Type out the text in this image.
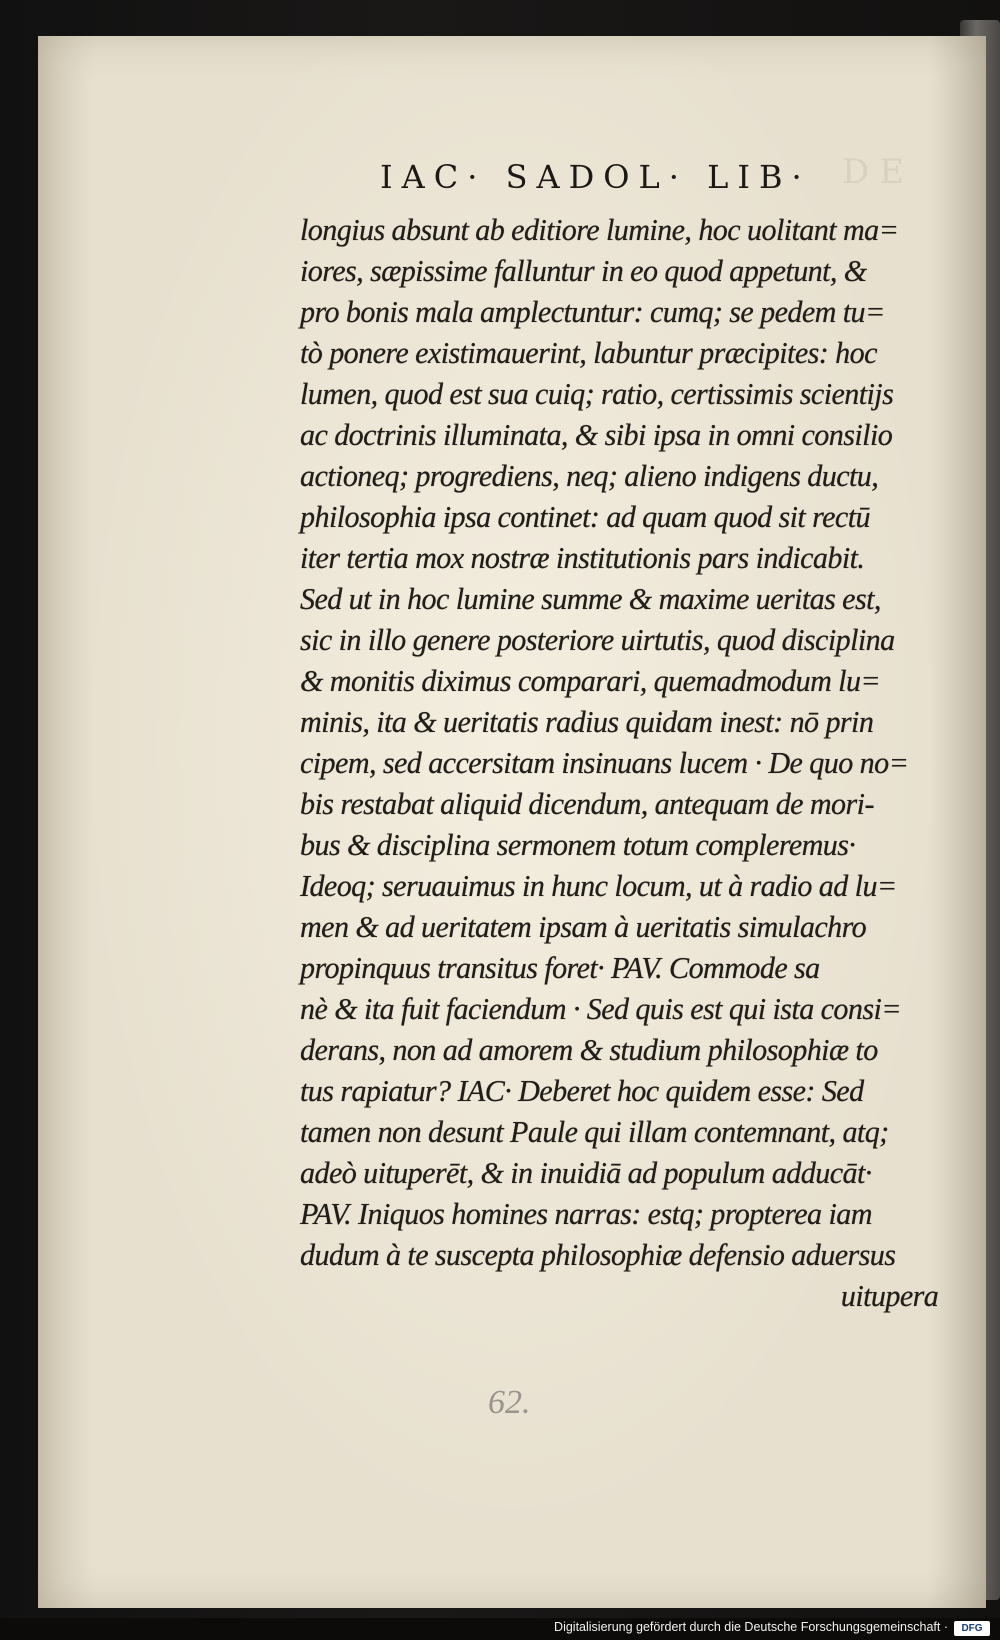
DE
IAC· SADOL· LIB·
longius absunt ab editiore lumine, hoc uolitant ma=
iores, sæpissime falluntur in eo quod appetunt, &
pro bonis mala amplectuntur: cumq; se pedem tu=
tò ponere existimauerint, labuntur præcipites: hoc
lumen, quod est sua cuiq; ratio, certissimis scientijs
ac doctrinis illuminata, & sibi ipsa in omni consilio
actioneq; progrediens, neq; alieno indigens ductu,
philosophia ipsa continet: ad quam quod sit rectū
iter tertia mox nostræ institutionis pars indicabit.
Sed ut in hoc lumine summe & maxime ueritas est,
sic in illo genere posteriore uirtutis, quod disciplina
& monitis diximus comparari, quemadmodum lu=
minis, ita & ueritatis radius quidam inest: nō prin
cipem, sed accersitam insinuans lucem · De quo no=
bis restabat aliquid dicendum, antequam de mori-
bus & disciplina sermonem totum compleremus·
Ideoq; seruauimus in hunc locum, ut à radio ad lu=
men & ad ueritatem ipsam à ueritatis simulachro
propinquus transitus foret· PAV. Commode sa
nè & ita fuit faciendum · Sed quis est qui ista consi=
derans, non ad amorem & studium philosophiæ to
tus rapiatur? IAC· Deberet hoc quidem esse: Sed
tamen non desunt Paule qui illam contemnant, atq;
adeò uituperēt, & in inuidiā ad populum adducāt·
PAV. Iniquos homines narras: estq; propterea iam
dudum à te suscepta philosophiæ defensio aduersus
uitupera
62.
Digitalisierung gefördert durch die Deutsche Forschungsgemeinschaft ·	DFG
